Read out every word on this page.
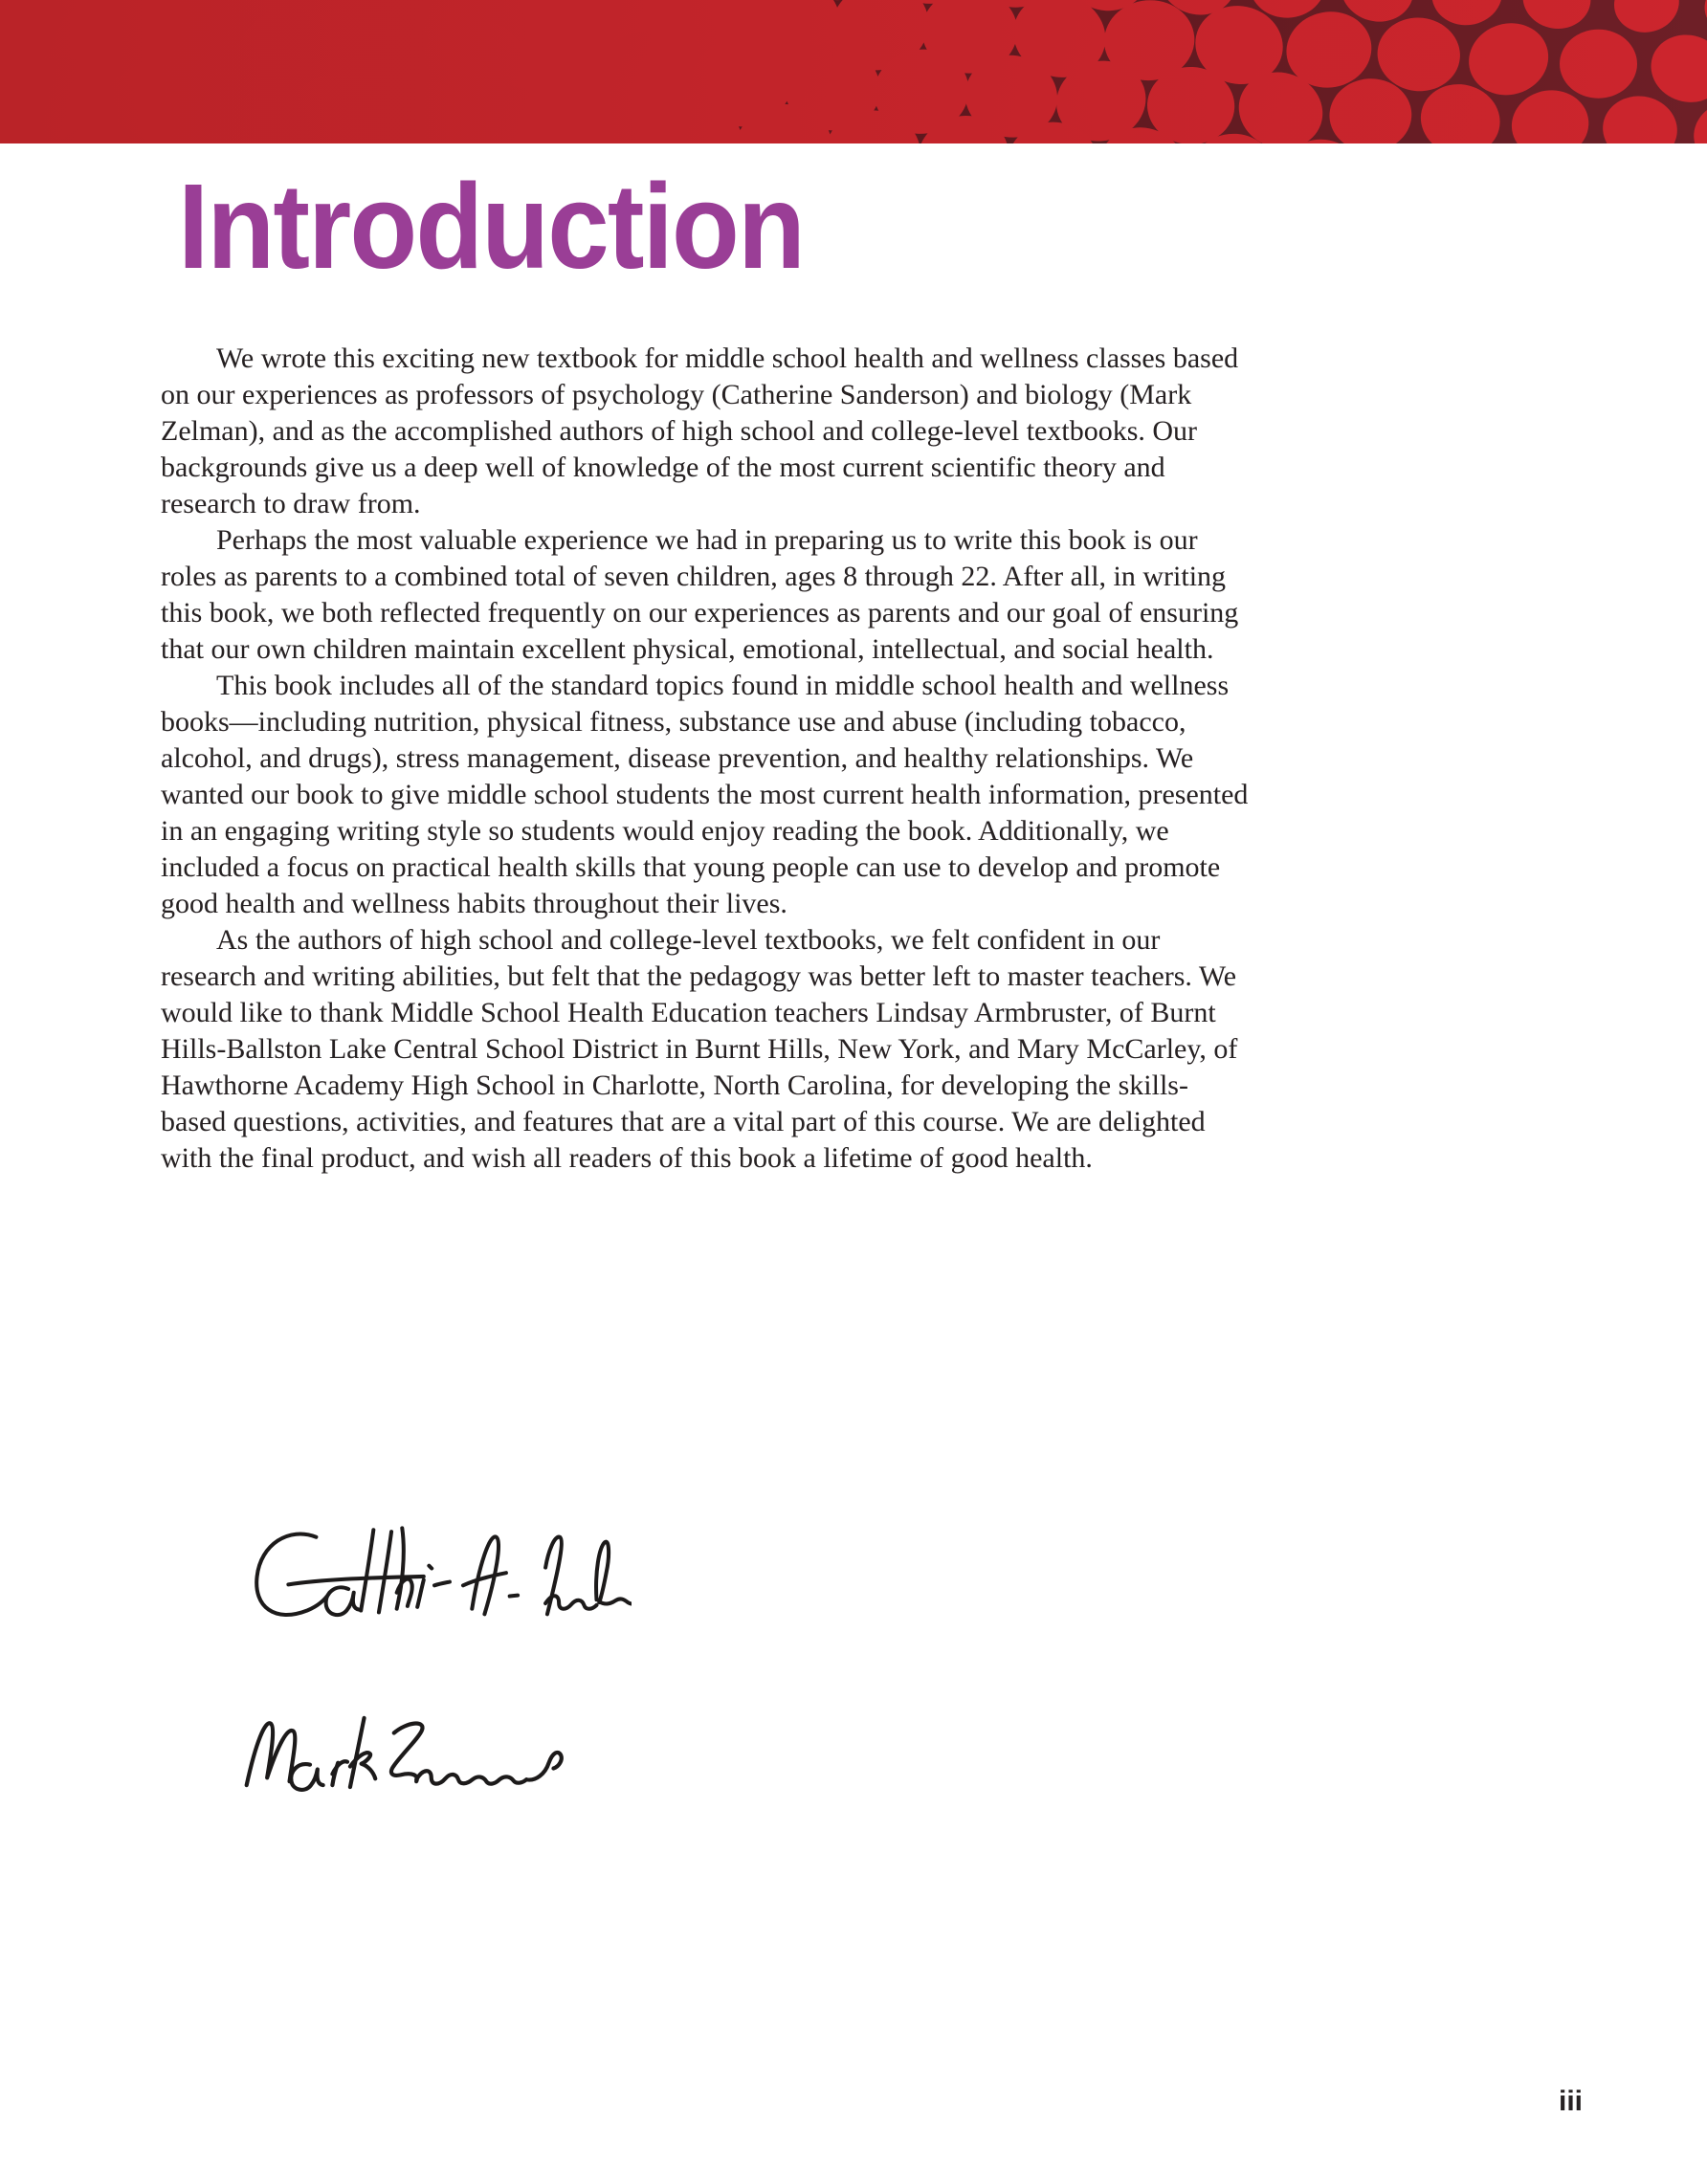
Introduction

We wrote this exciting new textbook for middle school health and wellness classes based on our experiences as professors of psychology (Catherine Sanderson) and biology (Mark Zelman), and as the accomplished authors of high school and college-level textbooks. Our backgrounds give us a deep well of knowledge of the most current scientific theory and research to draw from.

Perhaps the most valuable experience we had in preparing us to write this book is our roles as parents to a combined total of seven children, ages 8 through 22. After all, in writing this book, we both reflected frequently on our experiences as parents and our goal of ensuring that our own children maintain excellent physical, emotional, intellectual, and social health.

This book includes all of the standard topics found in middle school health and wellness books—including nutrition, physical fitness, substance use and abuse (including tobacco, alcohol, and drugs), stress management, disease prevention, and healthy relationships. We wanted our book to give middle school students the most current health information, presented in an engaging writing style so students would enjoy reading the book. Additionally, we included a focus on practical health skills that young people can use to develop and promote good health and wellness habits throughout their lives.

As the authors of high school and college-level textbooks, we felt confident in our research and writing abilities, but felt that the pedagogy was better left to master teachers. We would like to thank Middle School Health Education teachers Lindsay Armbruster, of Burnt Hills-Ballston Lake Central School District in Burnt Hills, New York, and Mary McCarley, of Hawthorne Academy High School in Charlotte, North Carolina, for developing the skills-based questions, activities, and features that are a vital part of this course. We are delighted with the final product, and wish all readers of this book a lifetime of good health.

iii
